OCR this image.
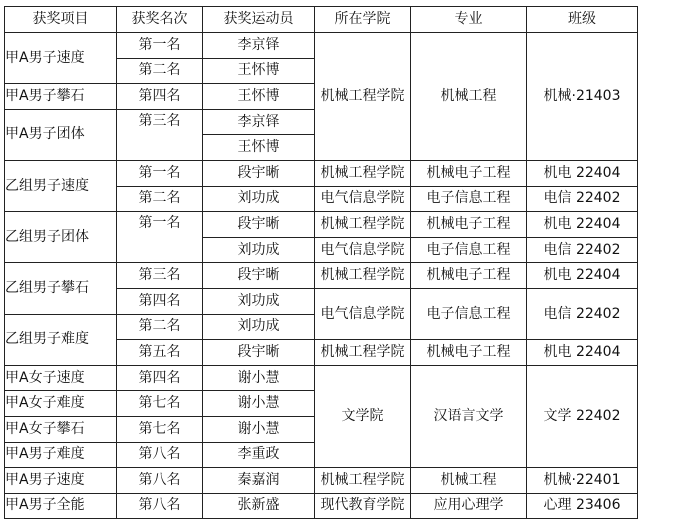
获奖项目	获奖名次	获奖运动员	所在学院	专业	班级
甲A男子速度	第一名	李京铎	机械工程学院	机械工程	机械·21403
	第二名	王怀博			
甲A男子攀石	第四名	王怀博			
甲A男子团体	第三名	李京铎			
		王怀博			
乙组男子速度	第一名	段宇晰	机械工程学院	机械电子工程	机电 22404
	第二名	刘功成	电气信息学院	电子信息工程	电信 22402
乙组男子团体	第一名	段宇晰	机械工程学院	机械电子工程	机电 22404
		刘功成	电气信息学院	电子信息工程	电信 22402
乙组男子攀石	第三名	段宇晰	机械工程学院	机械电子工程	机电 22404
	第四名	刘功成	电气信息学院	电子信息工程	电信 22402
乙组男子难度	第二名	刘功成			
	第五名	段宇晰	机械工程学院	机械电子工程	机电 22404
甲A女子速度	第四名	谢小慧	文学院	汉语言文学	文学 22402
甲A女子难度	第七名	谢小慧			
甲A女子攀石	第七名	谢小慧			
甲A男子难度	第八名	李重政			
甲A男子速度	第八名	秦嘉润	机械工程学院	机械工程	机械·22401
甲A男子全能	第八名	张新盛	现代教育学院	应用心理学	心理 23406
